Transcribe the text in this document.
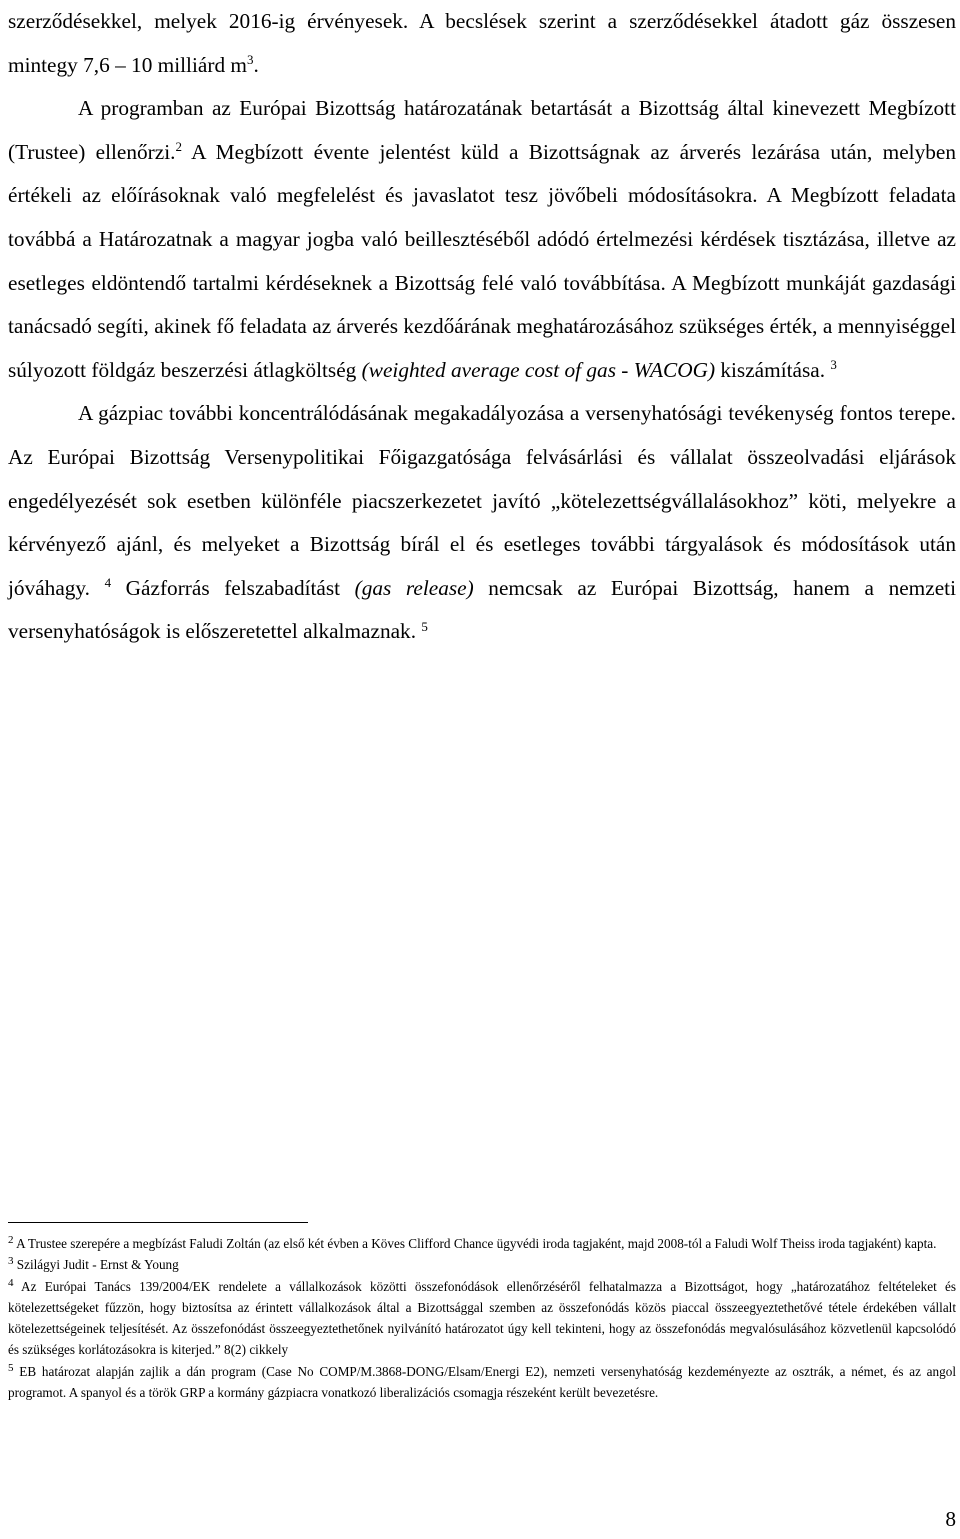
szerződésekkel, melyek 2016-ig érvényesek. A becslések szerint a szerződésekkel átadott gáz összesen mintegy 7,6 – 10 milliárd $m^3$.

A programban az Európai Bizottság határozatának betartását a Bizottság által kinevezett Megbízott (Trustee) ellenőrzi.$^2$ A Megbízott évente jelentést küld a Bizottságnak az árverés lezárása után, melyben értékeli az előírásoknak való megfelelést és javaslatot tesz jövőbeli módosításokra. A Megbízott feladata továbbá a Határozatnak a magyar jogba való beillesztéséből adódó értelmezési kérdések tisztázása, illetve az esetleges eldöntendő tartalmi kérdéseknek a Bizottság felé való továbbítása. A Megbízott munkáját gazdasági tanácsadó segíti, akinek fő feladata az árverés kezdőárának meghatározásához szükséges érték, a mennyiséggel súlyozott földgáz beszerzési átlagköltség (weighted average cost of gas - WACOG) kiszámítása. $^3$

A gázpiac további koncentrálódásának megakadályozása a versenyhatósági tevékenység fontos terepe. Az Európai Bizottság Versenypolitikai Főigazgatósága felvásárlási és vállalat összeolvadási eljárások engedélyezését sok esetben különféle piacszerkezetet javító „kötelezettségvállalásokhoz” köti, melyekre a kérvényező ajánl, és melyeket a Bizottság bírál el és esetleges további tárgyalások és módosítások után jóváhagy. $^4$ Gázforrás felszabadítást (gas release) nemcsak az Európai Bizottság, hanem a nemzeti versenyhatóságok is előszeretettel alkalmaznak. $^5$

$^2$ A Trustee szerepére a megbízást Faludi Zoltán (az első két évben a Köves Clifford Chance ügyvédi iroda tagjaként, majd 2008-tól a Faludi Wolf Theiss iroda tagjaként) kapta.

$^3$ Szilágyi Judit - Ernst & Young

$^4$ Az Európai Tanács 139/2004/EK rendelete a vállalkozások közötti összefonódások ellenőrzéséről felhatalmazza a Bizottságot, hogy „határozatához feltételeket és kötelezettségeket fűzzön, hogy biztosítsa az érintett vállalkozások által a Bizottsággal szemben az összefonódás közös piaccal összeegyeztethetővé tétele érdekében vállalt kötelezettségeinek teljesítését. Az összefonódást összeegyeztethetőnek nyilvánító határozatot úgy kell tekinteni, hogy az összefonódás megvalósulásához közvetlenül kapcsolódó és szükséges korlátozásokra is kiterjed.” 8(2) cikkely

$^5$ EB határozat alapján zajlik a dán program (Case No COMP/M.3868-DONG/Elsam/Energi E2), nemzeti versenyhatóság kezdeményezte az osztrák, a német, és az angol programot. A spanyol és a török GRP a kormány gázpiacra vonatkozó liberalizációs csomagja részeként került bevezetésre.

8
